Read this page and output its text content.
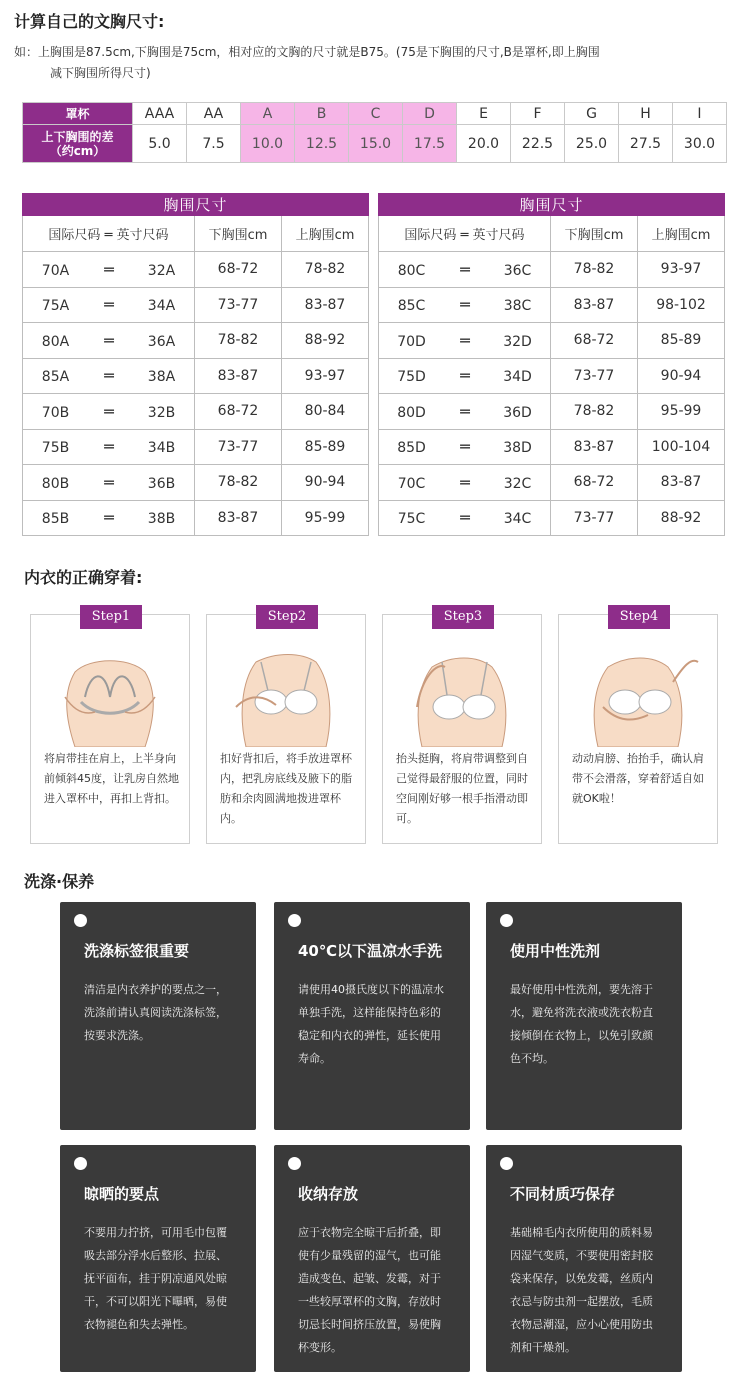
计算自己的文胸尺寸:
如：上胸围是87.5cm,下胸围是75cm，相对应的文胸的尺寸就是B75。(75是下胸围的尺寸,B是罩杯,即上胸围
减下胸围所得尺寸)
罩杯	AAA	AA	A	B	C	D	E	F	G	H	I
上下胸围的差
（约cm）	5.0	7.5	10.0	12.5	15.0	17.5	20.0	22.5	25.0	27.5	30.0
胸围尺寸		
国际尺码 ═ 英寸尺码	下胸围cm	上胸围cm
70A ═ 32A	68-72	78-82
75A ═ 34A	73-77	83-87
80A ═ 36A	78-82	88-92
85A ═ 38A	83-87	93-97
70B ═ 32B	68-72	80-84
75B ═ 34B	73-77	85-89
80B ═ 36B	78-82	90-94
85B ═ 38B	83-87	95-99
胸围尺寸		
国际尺码 ═ 英寸尺码	下胸围cm	上胸围cm
80C ═ 36C	78-82	93-97
85C ═ 38C	83-87	98-102
70D ═ 32D	68-72	85-89
75D ═ 34D	73-77	90-94
80D ═ 36D	78-82	95-99
85D ═ 38D	83-87	100-104
70C ═ 32C	68-72	83-87
75C ═ 34C	73-77	88-92
内衣的正确穿着:
Step1
将肩带挂在肩上，上半身向前倾斜45度，让乳房自然地进入罩杯中，再扣上背扣。
Step2
扣好背扣后，将手放进罩杯内，把乳房底线及腋下的脂肪和余肉圆满地拨进罩杯内。
Step3
抬头挺胸，将肩带调整到自己觉得最舒服的位置，同时空间刚好够一根手指滑动即可。
Step4
动动肩膀、抬抬手，确认肩带不会滑落，穿着舒适自如就OK啦！
洗涤·保养
洗涤标签很重要
清洁是内衣养护的要点之一，洗涤前请认真阅读洗涤标签，按要求洗涤。
40℃以下温凉水手洗
请使用40摄氏度以下的温凉水单独手洗，这样能保持色彩的稳定和内衣的弹性，延长使用寿命。
使用中性洗剂
最好使用中性洗剂，要先溶于水，避免将洗衣液或洗衣粉直接倾倒在衣物上，以免引致颜色不均。
晾晒的要点
不要用力拧挤，可用毛巾包覆吸去部分浮水后整形、拉展、抚平面布，挂于阴凉通风处晾干，不可以阳光下曝晒，易使衣物褪色和失去弹性。
收纳存放
应于衣物完全晾干后折叠，即使有少量残留的湿气，也可能造成变色、起皱、发霉，对于一些较厚罩杯的文胸，存放时切忌长时间挤压放置，易使胸杯变形。
不同材质巧保存
基础棉毛内衣所使用的质料易因湿气变质，不要使用密封胶袋来保存，以免发霉，丝质内衣忌与防虫剂一起摆放，毛质衣物忌潮湿，应小心使用防虫剂和干燥剂。
